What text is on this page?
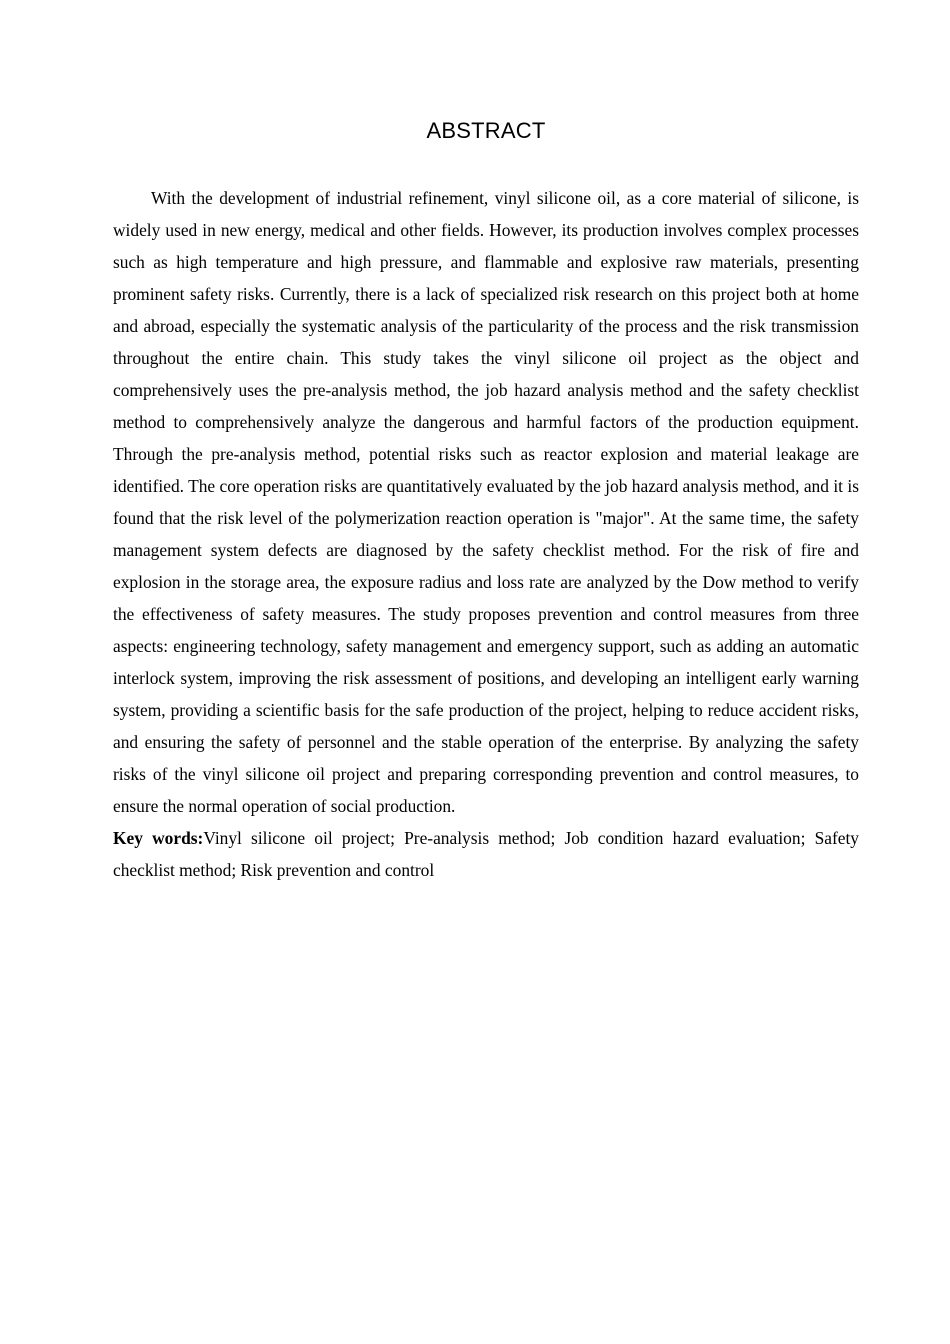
ABSTRACT

With the development of industrial refinement, vinyl silicone oil, as a core material of silicone, is widely used in new energy, medical and other fields. However, its production involves complex processes such as high temperature and high pressure, and flammable and explosive raw materials, presenting prominent safety risks. Currently, there is a lack of specialized risk research on this project both at home and abroad, especially the systematic analysis of the particularity of the process and the risk transmission throughout the entire chain. This study takes the vinyl silicone oil project as the object and comprehensively uses the pre-analysis method, the job hazard analysis method and the safety checklist method to comprehensively analyze the dangerous and harmful factors of the production equipment. Through the pre-analysis method, potential risks such as reactor explosion and material leakage are identified. The core operation risks are quantitatively evaluated by the job hazard analysis method, and it is found that the risk level of the polymerization reaction operation is "major". At the same time, the safety management system defects are diagnosed by the safety checklist method. For the risk of fire and explosion in the storage area, the exposure radius and loss rate are analyzed by the Dow method to verify the effectiveness of safety measures. The study proposes prevention and control measures from three aspects: engineering technology, safety management and emergency support, such as adding an automatic interlock system, improving the risk assessment of positions, and developing an intelligent early warning system, providing a scientific basis for the safe production of the project, helping to reduce accident risks, and ensuring the safety of personnel and the stable operation of the enterprise. By analyzing the safety risks of the vinyl silicone oil project and preparing corresponding prevention and control measures, to ensure the normal operation of social production.

Key words:Vinyl silicone oil project; Pre-analysis method; Job condition hazard evaluation; Safety checklist method; Risk prevention and control
